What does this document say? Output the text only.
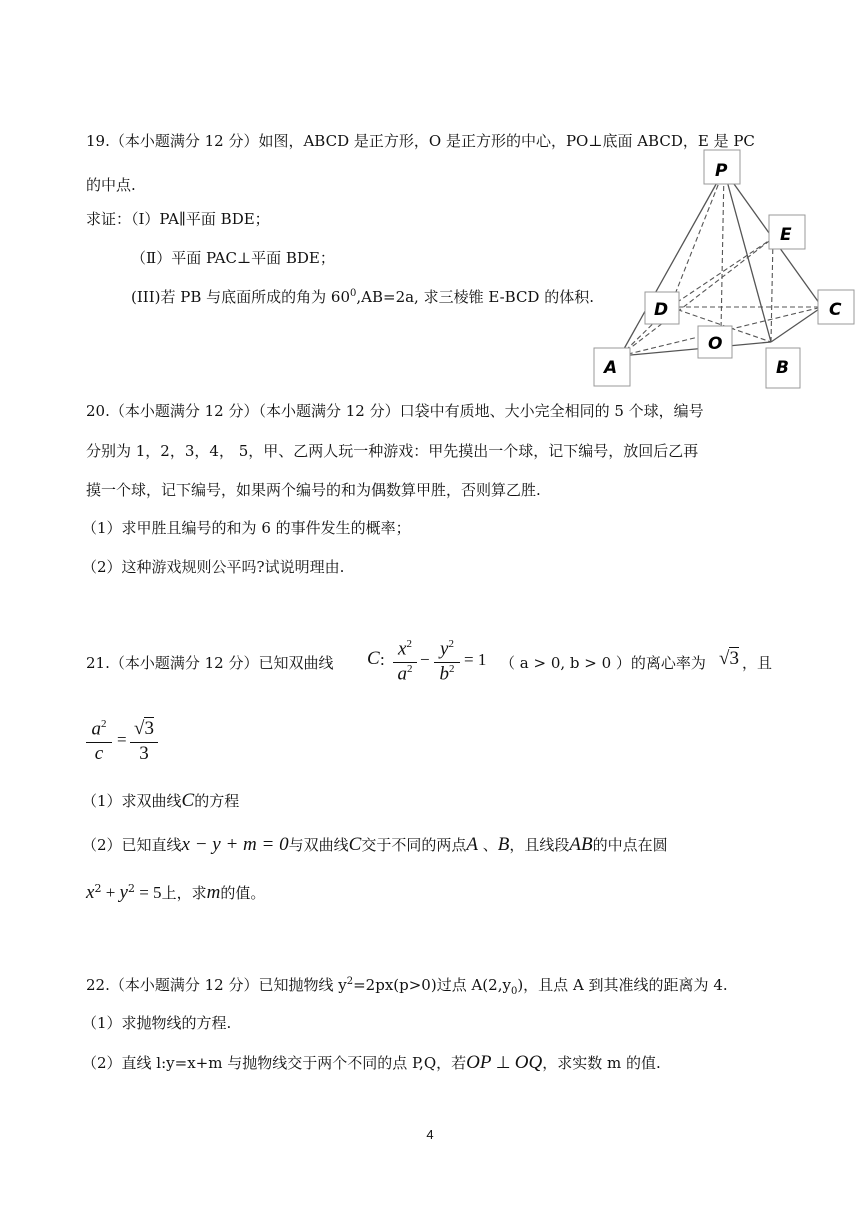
19.（本小题满分 12 分）如图，ABCD 是正方形，O 是正方形的中心，PO⊥底面 ABCD，E 是 PC
的中点.
求证：（Ⅰ）PA∥平面 BDE；
（Ⅱ）平面 PAC⊥平面 BDE；
(III)若 PB 与底面所成的角为 $60^0,AB=2a$, 求三棱锥 E-BCD 的体积.
P
E
D	C
O
A	B
20.（本小题满分 12 分）（本小题满分 12 分）口袋中有质地、大小完全相同的 5 个球，编号
分别为 1，2，3，4， 5，甲、乙两人玩一种游戏：甲先摸出一个球，记下编号，放回后乙再
摸一个球，记下编号，如果两个编号的和为偶数算甲胜，否则算乙胜.
（1）求甲胜且编号的和为 6 的事件发生的概率；
（2）这种游戏规则公平吗?试说明理由.
21.（本小题满分 12 分）已知双曲线 C : $\frac{x^2}{a^2} - \frac{y^2}{b^2} = 1$ （ a > 0, b > 0 ）的离心率为 √3 ，且
$\frac{a^2}{c} = \frac{√3}{3}$
（1）求双曲线C的方程
（2）已知直线x − y + m = 0与双曲线C交于不同的两点A 、B，且线段AB的中点在圆
$x^2 + y^2 = 5$上，求m的值。
22.（本小题满分 12 分）已知抛物线 $y^2=2px(p>0)$过点 $A(2,y_0)$，且点 A 到其准线的距离为 4.
（1）求抛物线的方程.
（2）直线 l:y=x+m 与抛物线交于两个不同的点 P,Q，若OP ⊥ OQ，求实数 m 的值.
4
